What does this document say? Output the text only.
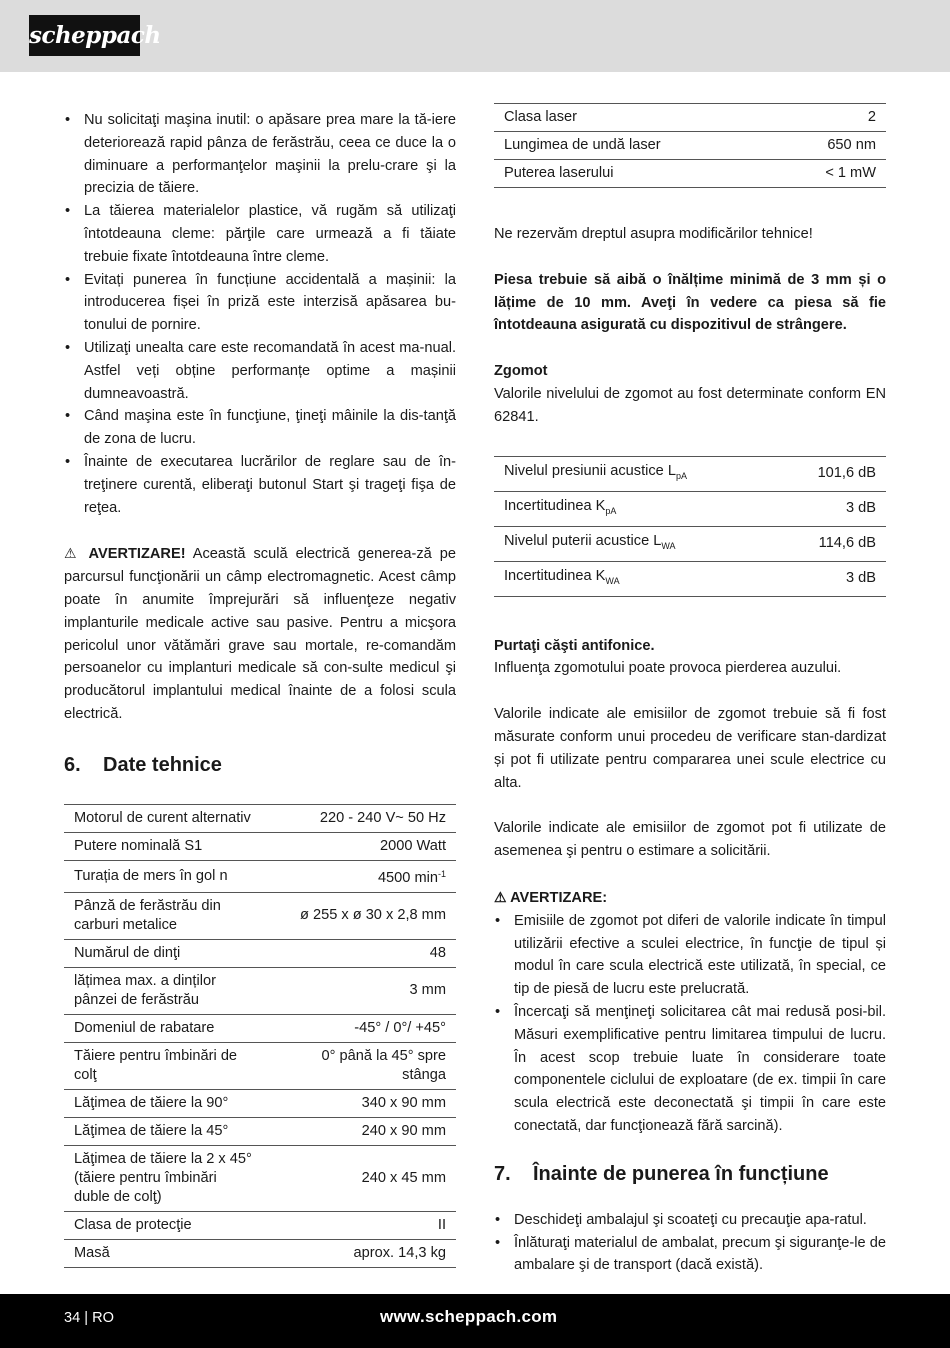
scheppach
• Nu solicitaţi maşina inutil: o apăsare prea mare la tă-iere deteriorează rapid pânza de ferăstrău, ceea ce duce la o diminuare a performanţelor maşinii la prelu-crare şi la precizia de tăiere.
• La tăierea materialelor plastice, vă rugăm să utilizaţi întotdeauna cleme: părţile care urmează a fi tăiate trebuie fixate întotdeauna între cleme.
• Evitați punerea în funcțiune accidentală a mașinii: la introducerea fișei în priză este interzisă apăsarea bu-tonului de pornire.
• Utilizaţi unealta care este recomandată în acest ma-nual. Astfel veți obține performanțe optime a mașinii dumneavoastră.
• Când maşina este în funcţiune, ţineţi mâinile la dis-tanţă de zona de lucru.
• Înainte de executarea lucrărilor de reglare sau de în-treţinere curentă, eliberaţi butonul Start şi trageţi fişa de reţea.

⚠ AVERTIZARE! Această sculă electrică generea-ză pe parcursul funcţionării un câmp electromagnetic. Acest câmp poate în anumite împrejurări să influenţeze negativ implanturile medicale active sau pasive. Pentru a micşora pericolul unor vătămări grave sau mortale, re-comandăm persoanelor cu implanturi medicale să con-sulte medicul şi producătorul implantului medical înainte de a folosi scula electrică.

6.	Date tehnice
Motorul de curent alternativ	220 - 240 V~ 50 Hz
Putere nominală S1	2000 Watt
Turația de mers în gol n	4500 $\min^{-1}$
Pânză de ferăstrău din carburi metalice	ø 255 x ø 30 x 2,8 mm
Numărul de dinţi	48
lățimea max. a dinților pânzei de ferăstrău	3 mm
Domeniul de rabatare	-45° / 0°/ +45°
Tăiere pentru îmbinări de colţ	0° până la 45° spre stânga
Lăţimea de tăiere la 90°	340 x 90 mm
Lăţimea de tăiere la 45°	240 x 90 mm
Lăţimea de tăiere la 2 x 45° (tăiere pentru îmbinări duble de colţ)	240 x 45 mm
Clasa de protecţie	II
Masă	aprox. 14,3 kg
Clasa laser	2
Lungimea de undă laser	650 nm
Puterea laserului	< 1 mW

Ne rezervăm dreptul asupra modificărilor tehnice!

Piesa trebuie să aibă o înălțime minimă de 3 mm și o lățime de 10 mm. Aveţi în vedere ca piesa să fie întotdeauna asigurată cu dispozitivul de strângere.

Zgomot

Valorile nivelului de zgomot au fost determinate conform EN 62841.

Nivelul presiunii acustice $L_{pA}$	101,6 dB
Incertitudinea $K_{pA}$	3 dB
Nivelul puterii acustice $L_{WA}$	114,6 dB
Incertitudinea $K_{WA}$	3 dB

Purtaţi căşti antifonice.

Influenţa zgomotului poate provoca pierderea auzului.

Valorile indicate ale emisiilor de zgomot trebuie să fi fost măsurate conform unui procedeu de verificare stan-dardizat și pot fi utilizate pentru compararea unei scule electrice cu alta.

Valorile indicate ale emisiilor de zgomot pot fi utilizate de asemenea şi pentru o estimare a solicitării.

⚠ AVERTIZARE:

• Emisiile de zgomot pot diferi de valorile indicate în timpul utilizării efective a sculei electrice, în funcţie de tipul și modul în care scula electrică este utilizată, în special, ce tip de piesă de lucru este prelucrată.
• Încercaţi să menţineţi solicitarea cât mai redusă posi-bil. Măsuri exemplificative pentru limitarea timpului de lucru. În acest scop trebuie luate în considerare toate componentele ciclului de exploatare (de ex. timpii în care scula electrică este deconectată şi timpii în care este conectată, dar funcţionează fără sarcină).
7.	Înainte de punerea în funcțiune
• Deschideţi ambalajul şi scoateţi cu precauţie apa-ratul.
• Înlăturaţi materialul de ambalat, precum şi siguranţe-le de ambalare şi de transport (dacă există).
34 | RO	www.scheppach.com
